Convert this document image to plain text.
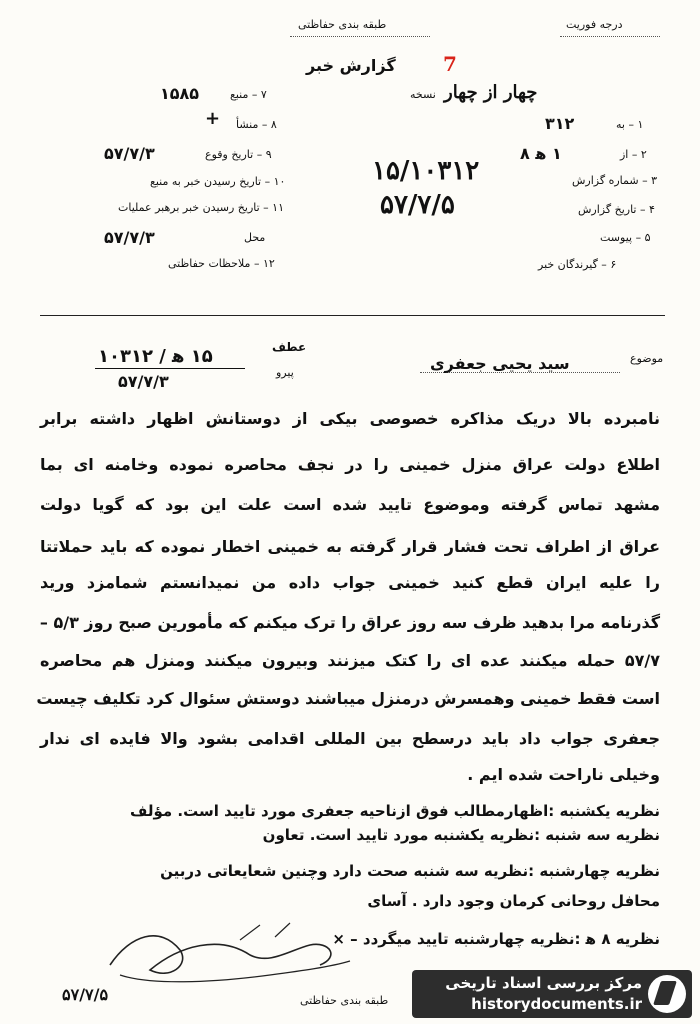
طبقه بندی حفاظتی	درجه فوریت
گزارش خبر 7
نسخه چهار از چهار
۷ – منبع
۱۵۸۵
۸ – منشأ
+
۹ – تاریخ وقوع
۵۷/۷/۳
۱۰ – تاریخ رسیدن خبر به منبع
۱۱ – تاریخ رسیدن خبر برهبر عملیات
محل
۵۷/۷/۳
۱۲ – ملاحظات حفاظتی
۱ – به
۳۱۲
۲ – از
۱ ه‍ ۸
۳ – شماره گزارش
۱۵/۱۰۳۱۲
۴ – تاریخ گزارش
۵۷/۷/۵
۵ – پیوست
۶ – گیرندگان خبر
موضوع
سید یحیی جعفری
عطف
پیرو
۱۵ ه‍ / ۱۰۳۱۲
۵۷/۷/۳
نامبرده بالا دریک مذاکره خصوصی بیکی از دوستانش اظهار داشته برابر
اطلاع دولت عراق منزل خمینی را در نجف محاصره نموده وخامنه ای بما
مشهد تماس گرفته وموضوع تایید شده است علت این بود که گویا دولت
عراق از اطراف تحت فشار قرار گرفته به خمینی اخطار نموده که باید حملاتتا
را علیه ایران قطع کنید خمینی جواب داده من نمیدانستم شمامزد ورید
گذرنامه مرا بدهید ظرف سه روز عراق را ترک میکنم که مأمورین صبح روز ۵/۳ –
۵۷/۷ حمله میکنند عده ای را کتک میزنند وبیرون میکنند ومنزل هم محاصره
است فقط خمینی وهمسرش درمنزل میباشند دوستش سئوال کرد تکلیف چیست
جعفری جواب داد باید درسطح بین المللی اقدامی بشود والا فایده ای ندار
وخیلی ناراحت شده ایم .
نظریه یکشنبه :اظهارمطالب فوق ازناحیه جعفری مورد تایید است. مؤلف
نظریه سه شنبه :نظریه یکشنبه مورد تایید است. تعاون
نظریه چهارشنبه :نظریه سه شنبه صحت دارد وچنین شعایعاتی دربین
محافل روحانی کرمان وجود دارد . آسای
نظریه ۸ ه‍ :نظریه چهارشنبه تایید میگردد – ×
۵۷/۷/۵	طبقه بندی حفاظتی
مرکز بررسی اسناد تاریخی
historydocuments.ir
